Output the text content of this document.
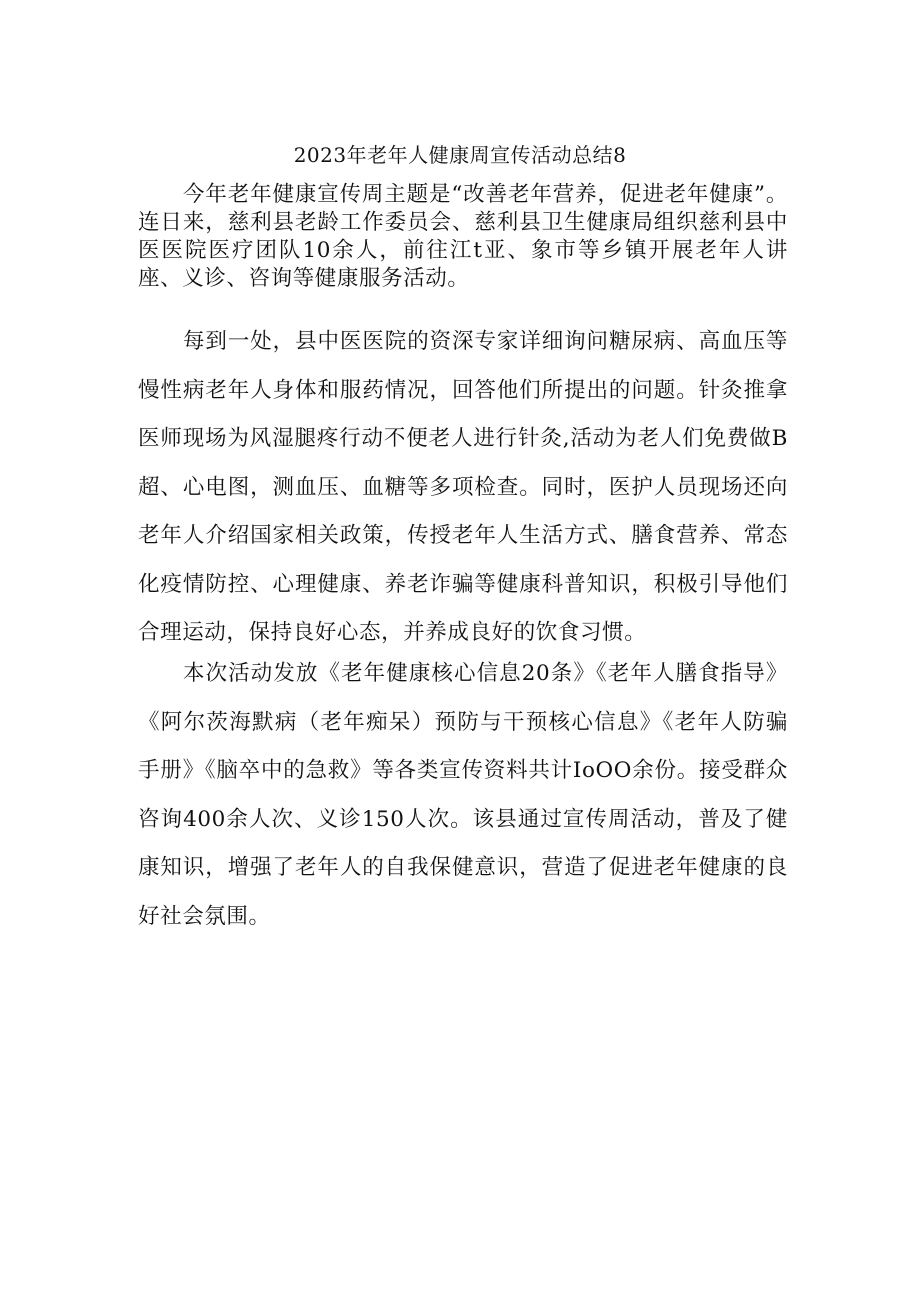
2023年老年人健康周宣传活动总结8

今年老年健康宣传周主题是“改善老年营养，促进老年健康”。连日来，慈利县老龄工作委员会、慈利县卫生健康局组织慈利县中医医院医疗团队10余人，前往江t亚、象市等乡镇开展老年人讲座、义诊、咨询等健康服务活动。

每到一处，县中医医院的资深专家详细询问糖尿病、高血压等慢性病老年人身体和服药情况，回答他们所提出的问题。针灸推拿医师现场为风湿腿疼行动不便老人进行针灸,活动为老人们免费做B超、心电图，测血压、血糖等多项检查。同时，医护人员现场还向老年人介绍国家相关政策，传授老年人生活方式、膳食营养、常态化疫情防控、心理健康、养老诈骗等健康科普知识，积极引导他们合理运动，保持良好心态，并养成良好的饮食习惯。

本次活动发放《老年健康核心信息20条》《老年人膳食指导》《阿尔茨海默病（老年痴呆）预防与干预核心信息》《老年人防骗手册》《脑卒中的急救》等各类宣传资料共计IoOO余份。接受群众咨询400余人次、义诊150人次。该县通过宣传周活动，普及了健康知识，增强了老年人的自我保健意识，营造了促进老年健康的良好社会氛围。
